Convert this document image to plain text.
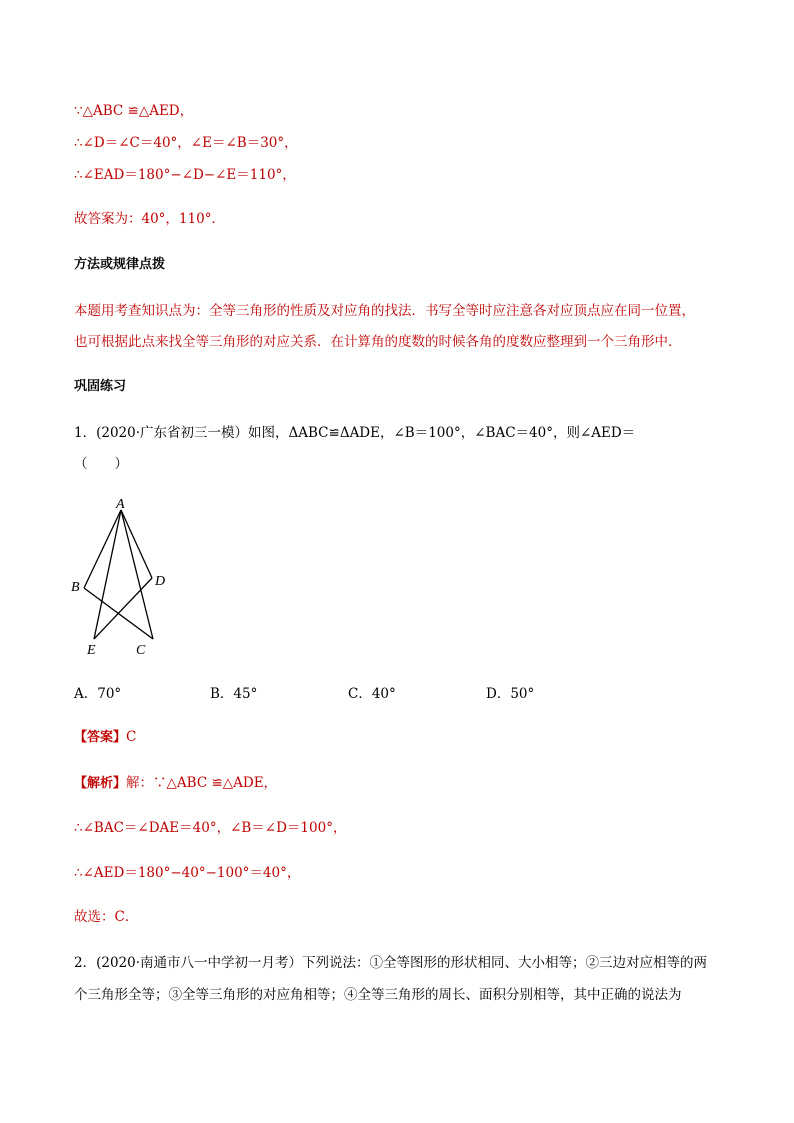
∵△ABC ≌△AED，
∴∠D＝∠C＝40°，∠E＝∠B＝30°，
∴∠EAD＝180°−∠D−∠E＝110°，
故答案为：40°，110°．
方法或规律点拨
本题用考查知识点为：全等三角形的性质及对应角的找法．书写全等时应注意各对应顶点应在同一位置，
也可根据此点来找全等三角形的对应关系．在计算角的度数的时候各角的度数应整理到一个三角形中．
巩固练习
1．(2020·广东省初三一模）如图，ΔABC≌ΔADE，∠B＝100°，∠BAC＝40°，则∠AED＝
（　　）
A
B	D
E	C
A．70°	B．45°	C．40°	D．50°
【答案】C
【解析】解：∵△ABC ≌△ADE，
∴∠BAC＝∠DAE＝40°，∠B＝∠D＝100°，
∴∠AED＝180°−40°−100°＝40°，
故选：C．
2．(2020·南通市八一中学初一月考）下列说法：①全等图形的形状相同、大小相等；②三边对应相等的两
个三角形全等；③全等三角形的对应角相等；④全等三角形的周长、面积分别相等，其中正确的说法为
